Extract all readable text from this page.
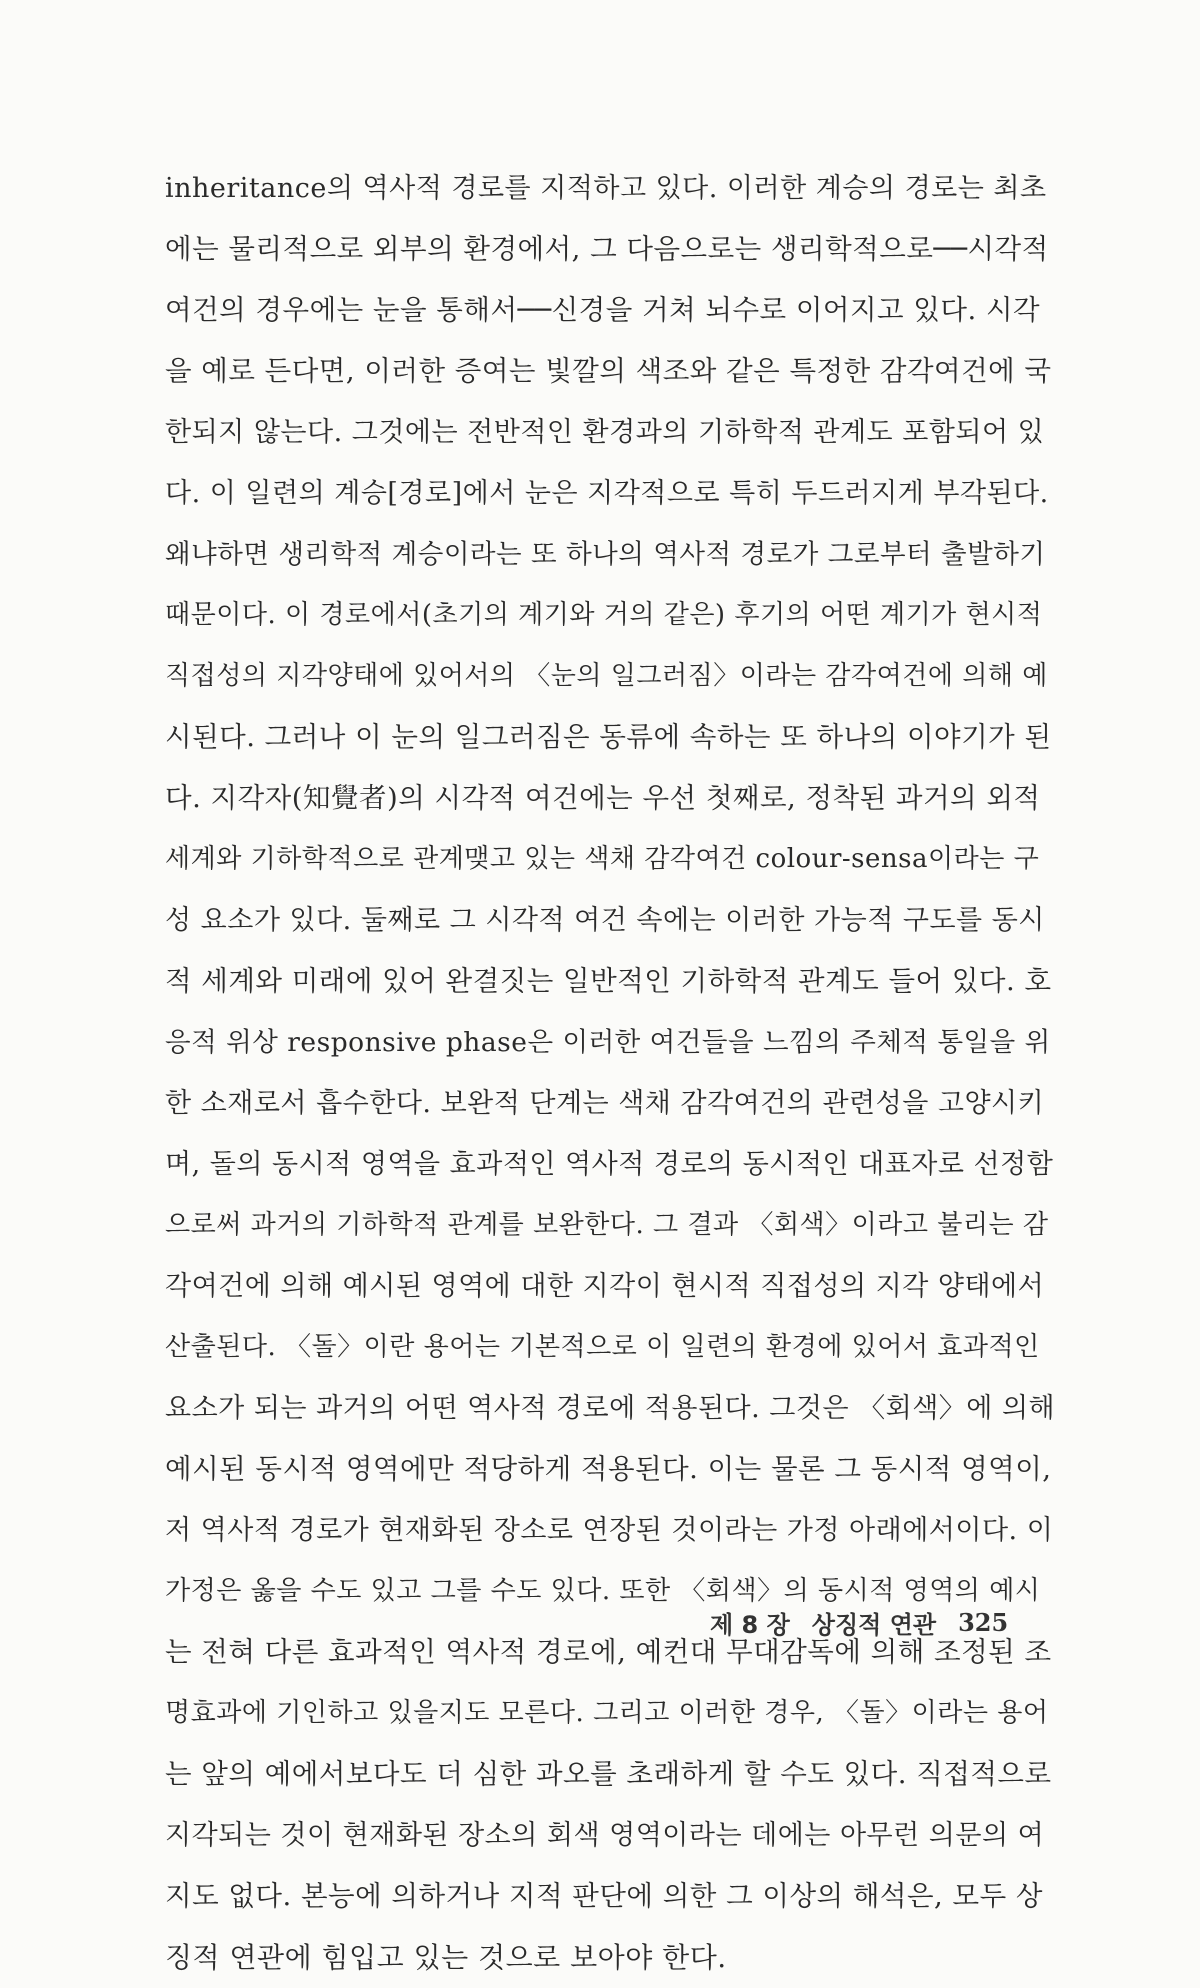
inheritance의 역사적 경로를 지적하고 있다. 이러한 계승의 경로는 최초
에는 물리적으로 외부의 환경에서, 그 다음으로는 생리학적으로──시각적
여건의 경우에는 눈을 통해서──신경을 거쳐 뇌수로 이어지고 있다. 시각
을 예로 든다면, 이러한 증여는 빛깔의 색조와 같은 특정한 감각여건에 국
한되지 않는다. 그것에는 전반적인 환경과의 기하학적 관계도 포함되어 있
다. 이 일련의 계승[경로]에서 눈은 지각적으로 특히 두드러지게 부각된다.
왜냐하면 생리학적 계승이라는 또 하나의 역사적 경로가 그로부터 출발하기
때문이다. 이 경로에서(초기의 계기와 거의 같은) 후기의 어떤 계기가 현시적
직접성의 지각양태에 있어서의 〈눈의 일그러짐〉이라는 감각여건에 의해 예
시된다. 그러나 이 눈의 일그러짐은 동류에 속하는 또 하나의 이야기가 된
다. 지각자(知覺者)의 시각적 여건에는 우선 첫째로, 정착된 과거의 외적
세계와 기하학적으로 관계맺고 있는 색채 감각여건 colour-sensa이라는 구
성 요소가 있다. 둘째로 그 시각적 여건 속에는 이러한 가능적 구도를 동시
적 세계와 미래에 있어 완결짓는 일반적인 기하학적 관계도 들어 있다. 호
응적 위상 responsive phase은 이러한 여건들을 느낌의 주체적 통일을 위
한 소재로서 흡수한다. 보완적 단계는 색채 감각여건의 관련성을 고양시키
며, 돌의 동시적 영역을 효과적인 역사적 경로의 동시적인 대표자로 선정함
으로써 과거의 기하학적 관계를 보완한다. 그 결과 〈회색〉이라고 불리는 감
각여건에 의해 예시된 영역에 대한 지각이 현시적 직접성의 지각 양태에서
산출된다. 〈돌〉이란 용어는 기본적으로 이 일련의 환경에 있어서 효과적인
요소가 되는 과거의 어떤 역사적 경로에 적용된다. 그것은 〈회색〉에 의해
예시된 동시적 영역에만 적당하게 적용된다. 이는 물론 그 동시적 영역이,
저 역사적 경로가 현재화된 장소로 연장된 것이라는 가정 아래에서이다. 이
가정은 옳을 수도 있고 그를 수도 있다. 또한 〈회색〉의 동시적 영역의 예시
는 전혀 다른 효과적인 역사적 경로에, 예컨대 무대감독에 의해 조정된 조
명효과에 기인하고 있을지도 모른다. 그리고 이러한 경우, 〈돌〉이라는 용어
는 앞의 예에서보다도 더 심한 과오를 초래하게 할 수도 있다. 직접적으로
지각되는 것이 현재화된 장소의 회색 영역이라는 데에는 아무런 의문의 여
지도 없다. 본능에 의하거나 지적 판단에 의한 그 이상의 해석은, 모두 상
징적 연관에 힘입고 있는 것으로 보아야 한다.
제 8 장 상징적 연관 325
